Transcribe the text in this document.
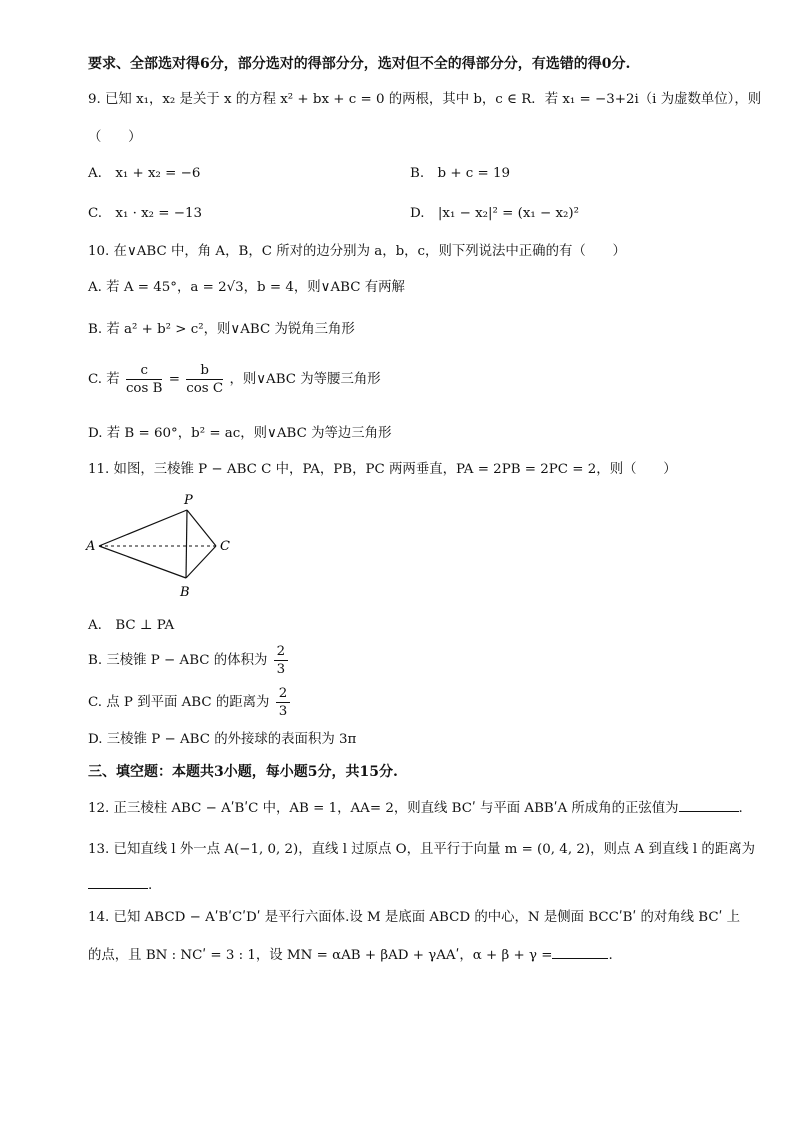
要求、全部选对得6分，部分选对的得部分分，选对但不全的得部分分，有选错的得0分.
9. 已知 x₁，x₂ 是关于 x 的方程 x² + bx + c = 0 的两根，其中 b，c ∈ R．若 x₁ = −3+2i（i 为虚数单位），则
（　　）
A.　x₁ + x₂ = −6	B.　b + c = 19
C.　x₁ · x₂ = −13	D.　|x₁ − x₂|² = (x₁ − x₂)²
10. 在∨ABC 中，角 A，B，C 所对的边分别为 a，b，c，则下列说法中正确的有（　　）
A. 若 A = 45°，a = 2√3，b = 4，则∨ABC 有两解
B. 若 a² + b² > c²，则∨ABC 为锐角三角形
C. 若 $\frac{c}{\text{cos B}} = \frac{b}{\text{cos C}}$ ，则∨ABC 为等腰三角形
D. 若 B = 60°，b² = ac，则∨ABC 为等边三角形
11. 如图，三棱锥 P − ABC C 中，PA，PB，PC 两两垂直，PA = 2PB = 2PC = 2，则（　　）
P
A
B
C
A.　BC ⊥ PA
B. 三棱锥 P − ABC 的体积为 $\frac{2}{3}$
C. 点 P 到平面 ABC 的距离为 $\frac{2}{3}$
D. 三棱锥 P − ABC 的外接球的表面积为 3π
三、填空题：本题共3小题，每小题5分，共15分.
12. 正三棱柱 ABC − AʹBʹC 中，AB = 1，AA= 2，则直线 BCʹ 与平面 ABBʹA 所成角的正弦值为	.
13. 已知直线 l 外一点 A(−1, 0, 2)，直线 l 过原点 O，且平行于向量 m = (0, 4, 2)，则点 A 到直线 l 的距离为
.
14. 已知 ABCD − AʹBʹCʹDʹ 是平行六面体.设 M 是底面 ABCD 的中心，N 是侧面 BCCʹBʹ 的对角线 BCʹ 上
的点，且 BN : NCʹ = 3 : 1，设 MN = αAB + βAD + γAAʹ，α + β + γ =	.
